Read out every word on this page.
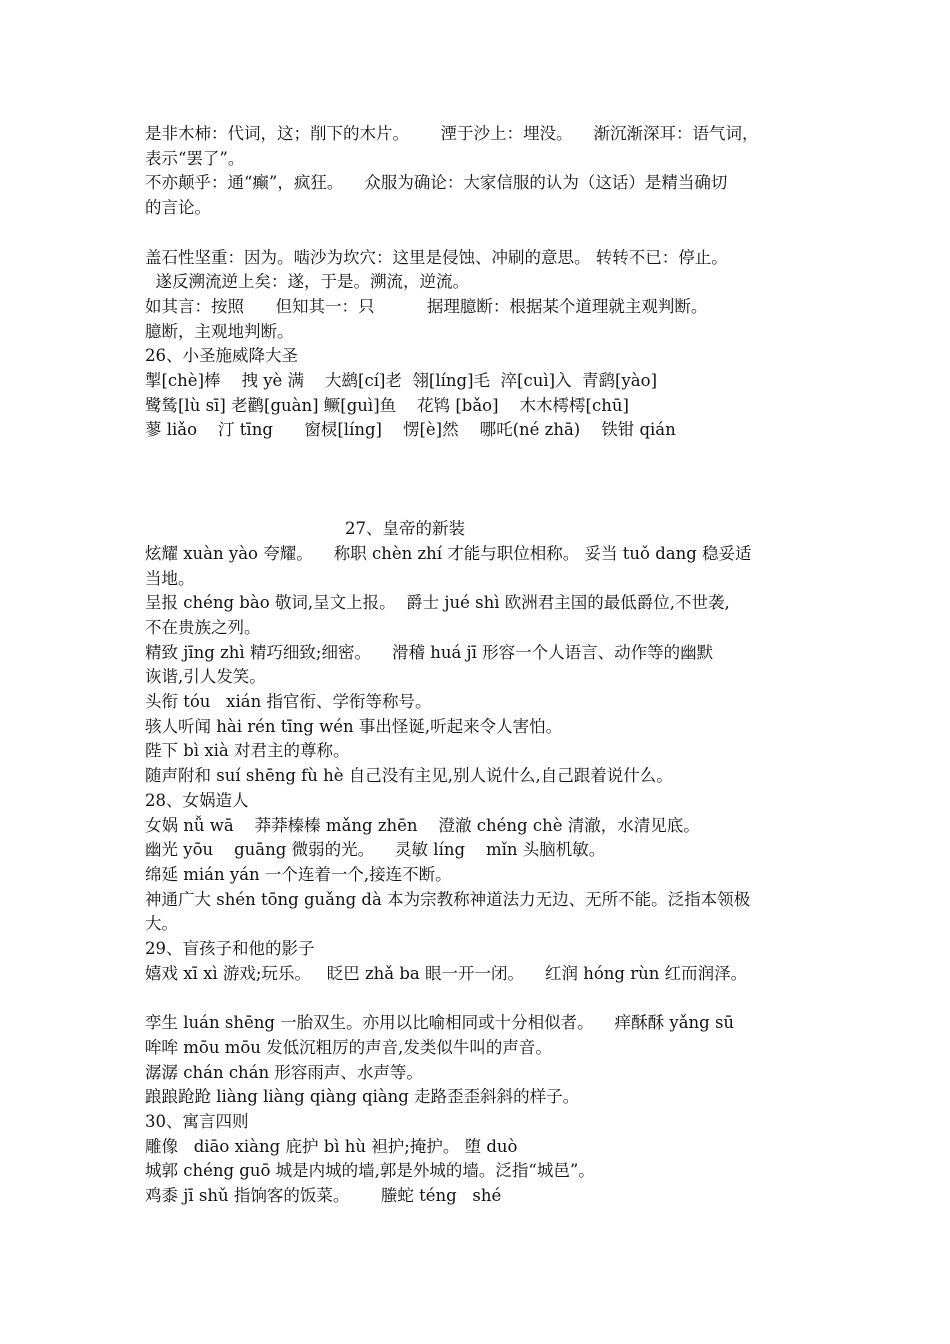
是非木柿：代词，这；削下的木片。      湮于沙上：埋没。    渐沉渐深耳：语气词，
表示“罢了”。
不亦颠乎：通“癫”，疯狂。    众服为确论：大家信服的认为（这话）是精当确切
的言论。
盖石性坚重：因为。啮沙为坎穴：这里是侵蚀、冲刷的意思。 转转不已：停止。
遂反溯流逆上矣：遂，于是。溯流，逆流。
如其言：按照      但知其一：只          据理臆断：根据某个道理就主观判断。
臆断，主观地判断。
26、小圣施威降大圣
掣[chè]棒    拽 yè 满    大鹚[cí]老  翎[líng]毛  淬[cuì]入  青鹞[yào]
鹭鸶[lù sī] 老鹳[guàn] 鳜[guì]鱼    花鸨 [bǎo]    木木樗樗[chū]
蓼 liǎo    汀 tīng      窗棂[líng]    愣[è]然    哪吒(né zhā)    铁钳 qián
27、皇帝的新装
炫耀 xuàn yào 夸耀。    称职 chèn zhí 才能与职位相称。 妥当 tuǒ dang 稳妥适
当地。
呈报 chéng bào 敬词,呈文上报。  爵士 jué shì 欧洲君主国的最低爵位,不世袭,
不在贵族之列。
精致 jīng zhì 精巧细致;细密。    滑稽 huá jī 形容一个人语言、动作等的幽默
诙谐,引人发笑。
头衔 tóu   xián 指官衔、学衔等称号。
骇人听闻 hài rén tīng wén 事出怪诞,听起来令人害怕。
陛下 bì xià 对君主的尊称。
随声附和 suí shēng fù hè 自己没有主见,别人说什么,自己跟着说什么。
28、女娲造人
女娲 nǚ wā    莽莽榛榛 mǎng zhēn    澄澈 chéng chè 清澈，水清见底。
幽光 yōu    guāng 微弱的光。    灵敏 líng    mǐn 头脑机敏。
绵延 mián yán 一个连着一个,接连不断。
神通广大 shén tōng guǎng dà 本为宗教称神道法力无边、无所不能。泛指本领极
大。
29、盲孩子和他的影子
嬉戏 xī xì 游戏;玩乐。   眨巴 zhǎ ba 眼一开一闭。    红润 hóng rùn 红而润泽。
孪生 luán shēng 一胎双生。亦用以比喻相同或十分相似者。    痒酥酥 yǎng sū
哞哞 mōu mōu 发低沉粗厉的声音,发类似牛叫的声音。
潺潺 chán chán 形容雨声、水声等。
踉踉跄跄 liàng liàng qiàng qiàng 走路歪歪斜斜的样子。
30、寓言四则
雕像   diāo xiàng 庇护 bì hù 袒护;掩护。 堕 duò
城郭 chéng guō 城是内城的墙,郭是外城的墙。泛指“城邑”。
鸡黍 jī shǔ 指饷客的饭菜。      螣蛇 téng   shé
